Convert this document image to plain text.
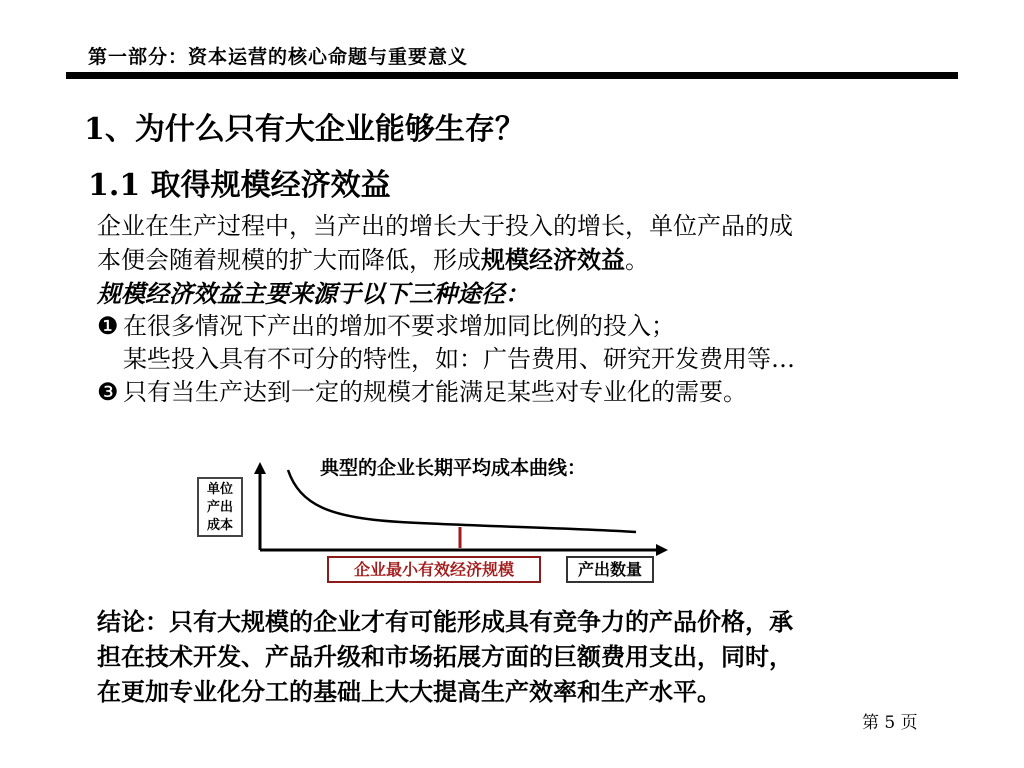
第一部分：资本运营的核心命题与重要意义
1、为什么只有大企业能够生存？
1.1 取得规模经济效益
企业在生产过程中，当产出的增长大于投入的增长，单位产品的成
本便会随着规模的扩大而降低，形成规模经济效益。
规模经济效益主要来源于以下三种途径：
❶ 在很多情况下产出的增加不要求增加同比例的投入；
某些投入具有不可分的特性，如：广告费用、研究开发费用等…
❸ 只有当生产达到一定的规模才能满足某些对专业化的需要。
典型的企业长期平均成本曲线：
单位
产出
成本
企业最小有效经济规模	产出数量
结论：只有大规模的企业才有可能形成具有竞争力的产品价格，承
担在技术开发、产品升级和市场拓展方面的巨额费用支出，同时，
在更加专业化分工的基础上大大提高生产效率和生产水平。
第 5 页
